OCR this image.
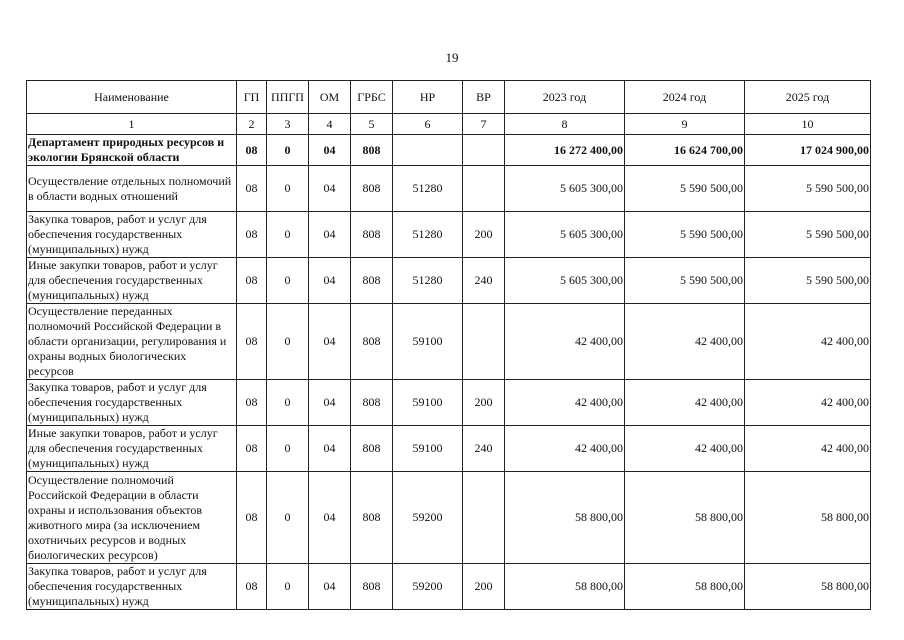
19
Наименование	ГП	ППГП	ОМ	ГРБС	НР	ВР	2023 год	2024 год	2025 год
1	2	3	4	5	6	7	8	9	10
Департамент природных ресурсов и экологии Брянской области	08	0	04	808			16 272 400,00	16 624 700,00	17 024 900,00
Осуществление отдельных полномочий в области водных отношений	08	0	04	808	51280		5 605 300,00	5 590 500,00	5 590 500,00
Закупка товаров, работ и услуг для обеспечения государственных (муниципальных) нужд	08	0	04	808	51280	200	5 605 300,00	5 590 500,00	5 590 500,00
Иные закупки товаров, работ и услуг для обеспечения государственных (муниципальных) нужд	08	0	04	808	51280	240	5 605 300,00	5 590 500,00	5 590 500,00
Осуществление переданных полномочий Российской Федерации в области организации, регулирования и охраны водных биологических ресурсов	08	0	04	808	59100		42 400,00	42 400,00	42 400,00
Закупка товаров, работ и услуг для обеспечения государственных (муниципальных) нужд	08	0	04	808	59100	200	42 400,00	42 400,00	42 400,00
Иные закупки товаров, работ и услуг для обеспечения государственных (муниципальных) нужд	08	0	04	808	59100	240	42 400,00	42 400,00	42 400,00
Осуществление полномочий Российской Федерации в области охраны и использования объектов животного мира (за исключением охотничьих ресурсов и водных биологических ресурсов)	08	0	04	808	59200		58 800,00	58 800,00	58 800,00
Закупка товаров, работ и услуг для обеспечения государственных (муниципальных) нужд	08	0	04	808	59200	200	58 800,00	58 800,00	58 800,00
